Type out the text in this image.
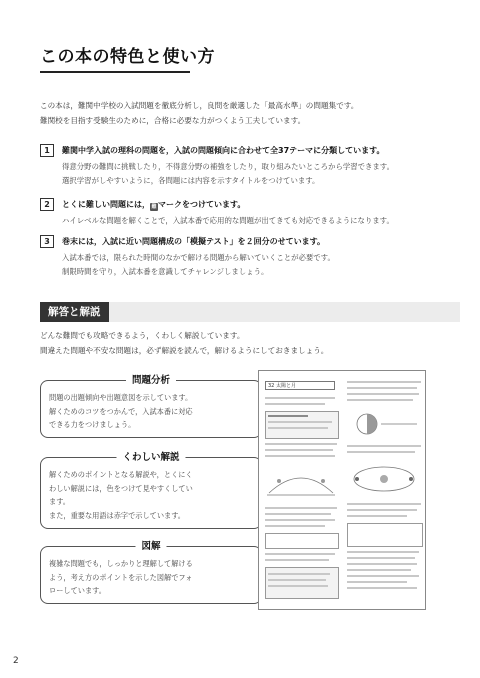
この本の特色と使い方
この本は，難関中学校の入試問題を徹底分析し，良問を厳選した「最高水準」の問題集です。
難関校を目指す受験生のために，合格に必要な力がつくよう工夫しています。
1	難関中学入試の理科の問題を，入試の問題傾向に合わせて全37テーマに分類しています。
得意分野の難問に挑戦したり，不得意分野の補強をしたり，取り組みたいところから学習できます。
選択学習がしやすいように，各問題には内容を示すタイトルをつけています。
2	とくに難しい問題には，難 マークをつけています。
ハイレベルな問題を解くことで，入試本番で応用的な問題が出てきても対応できるようになります。
3	巻末には，入試に近い問題構成の「模擬テスト」を２回分のせています。
入試本番では，限られた時間のなかで解ける問題から解いていくことが必要です。
制限時間を守り，入試本番を意識してチャレンジしましょう。
解答と解説
どんな難問でも攻略できるよう，くわしく解説しています。
間違えた問題や不安な問題は，必ず解説を読んで，解けるようにしておきましょう。
問題分析
問題の出題傾向や出題意図を示しています。
解くためのコツをつかんで，入試本番に対応
できる力をつけましょう。
くわしい解説
解くためのポイントとなる解説や，とくにく
わしい解説には，色をつけて見やすくしてい
ます。
また，重要な用語は赤字で示しています。
図解
複雑な問題でも，しっかりと理解して解ける
よう，考え方のポイントを示した図解でフォ
ローしています。
32 太陽と月
2
